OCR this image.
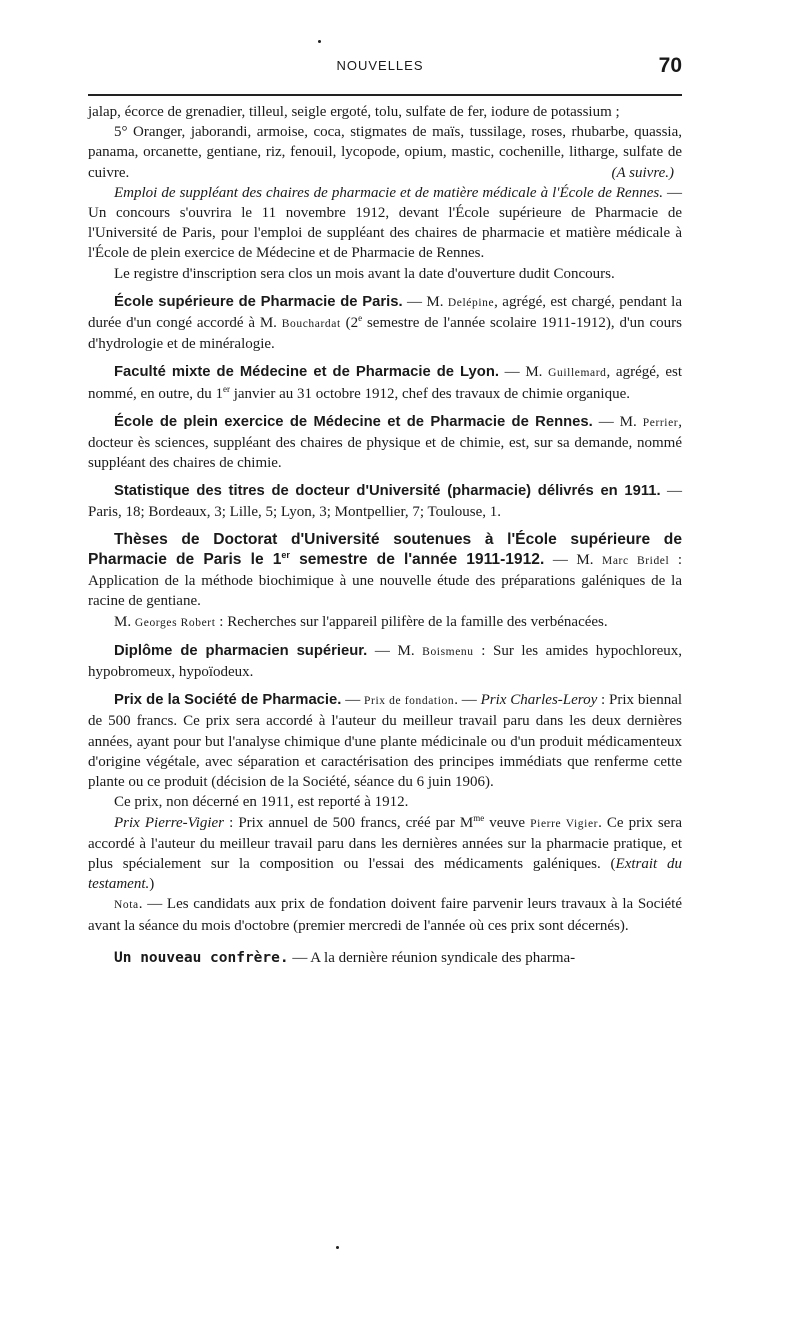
NOUVELLES	70

jalap, écorce de grenadier, tilleul, seigle ergoté, tolu, sulfate de fer, iodure de potassium ;

5° Oranger, jaborandi, armoise, coca, stigmates de maïs, tussilage, roses, rhubarbe, quassia, panama, orcanette, gentiane, riz, fenouil, lycopode, opium, mastic, cochenille, litharge, sulfate de cuivre.	(A suivre.)

Emploi de suppléant des chaires de pharmacie et de matière médicale à l'École de Rennes. — Un concours s'ouvrira le 11 novembre 1912, devant l'École supérieure de Pharmacie de l'Université de Paris, pour l'emploi de suppléant des chaires de pharmacie et matière médicale à l'École de plein exercice de Médecine et de Pharmacie de Rennes.

Le registre d'inscription sera clos un mois avant la date d'ouverture dudit Concours.

École supérieure de Pharmacie de Paris. — M. Delépine, agrégé, est chargé, pendant la durée d'un congé accordé à M. Bouchardat (2e semestre de l'année scolaire 1911-1912), d'un cours d'hydrologie et de minéralogie.

Faculté mixte de Médecine et de Pharmacie de Lyon. — M. Guillemard, agrégé, est nommé, en outre, du 1er janvier au 31 octobre 1912, chef des travaux de chimie organique.

École de plein exercice de Médecine et de Pharmacie de Rennes. — M. Perrier, docteur ès sciences, suppléant des chaires de physique et de chimie, est, sur sa demande, nommé suppléant des chaires de chimie.

Statistique des titres de docteur d'Université (pharmacie) délivrés en 1911. — Paris, 18; Bordeaux, 3; Lille, 5; Lyon, 3; Montpellier, 7; Toulouse, 1.

Thèses de Doctorat d'Université soutenues à l'École supérieure de Pharmacie de Paris le 1er semestre de l'année 1911-1912. — M. Marc Bridel : Application de la méthode biochimique à une nouvelle étude des préparations galéniques de la racine de gentiane.

M. Georges Robert : Recherches sur l'appareil pilifère de la famille des verbénacées.

Diplôme de pharmacien supérieur. — M. Boismenu : Sur les amides hypochloreux, hypobromeux, hypoïodeux.

Prix de la Société de Pharmacie. — Prix de fondation. — Prix Charles-Leroy : Prix biennal de 500 francs. Ce prix sera accordé à l'auteur du meilleur travail paru dans les deux dernières années, ayant pour but l'analyse chimique d'une plante médicinale ou d'un produit médicamenteux d'origine végétale, avec séparation et caractérisation des principes immédiats que renferme cette plante ou ce produit (décision de la Société, séance du 6 juin 1906).

Ce prix, non décerné en 1911, est reporté à 1912.

Prix Pierre-Vigier : Prix annuel de 500 francs, créé par $M^{me}$ veuve Pierre Vigier. Ce prix sera accordé à l'auteur du meilleur travail paru dans les dernières années sur la pharmacie pratique, et plus spécialement sur la composition ou l'essai des médicaments galéniques. (Extrait du testament.)

Nota. — Les candidats aux prix de fondation doivent faire parvenir leurs travaux à la Société avant la séance du mois d'octobre (premier mercredi de l'année où ces prix sont décernés).

Un nouveau confrère. — A la dernière réunion syndicale des pharma-
